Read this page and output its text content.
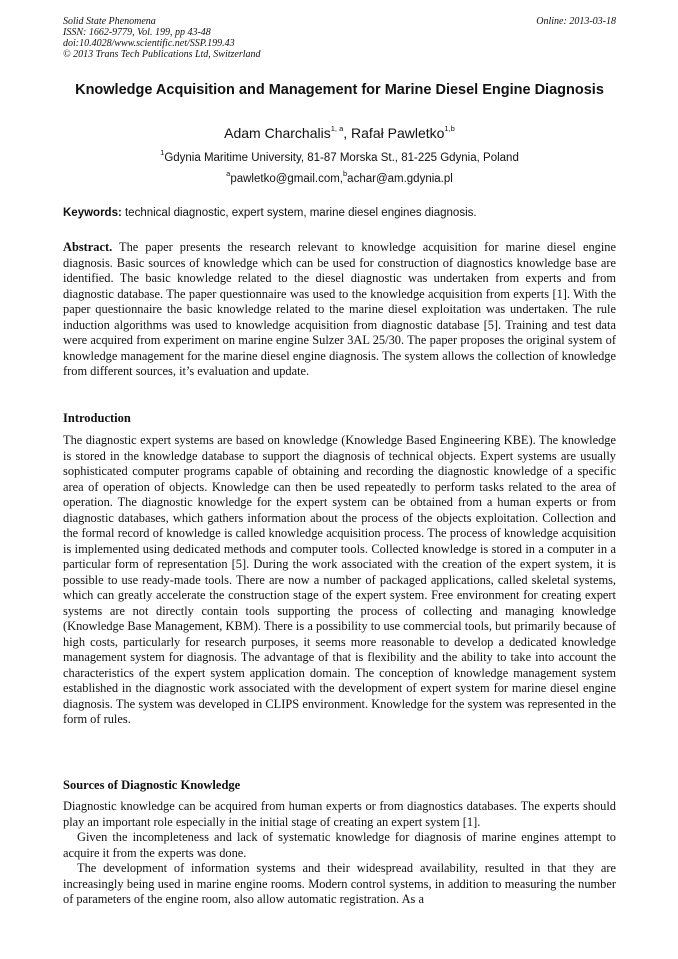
Solid State Phenomena
ISSN: 1662-9779, Vol. 199, pp 43-48
doi:10.4028/www.scientific.net/SSP.199.43
© 2013 Trans Tech Publications Ltd, Switzerland
Online: 2013-03-18
Knowledge Acquisition and Management for Marine Diesel Engine Diagnosis
Adam Charchalis$^{1, a}$, Rafał Pawletko$^{1,b}$
$^1$Gdynia Maritime University, 81-87 Morska St., 81-225 Gdynia, Poland
$^a$pawletko@gmail.com,$^b$achar@am.gdynia.pl
Keywords: technical diagnostic, expert system, marine diesel engines diagnosis.
Abstract. The paper presents the research relevant to knowledge acquisition for marine diesel engine diagnosis. Basic sources of knowledge which can be used for construction of diagnostics knowledge base are identified. The basic knowledge related to the diesel diagnostic was undertaken from experts and from diagnostic database. The paper questionnaire was used to the knowledge acquisition from experts [1]. With the paper questionnaire the basic knowledge related to the marine diesel exploitation was undertaken. The rule induction algorithms was used to knowledge acquisition from diagnostic database [5]. Training and test data were acquired from experiment on marine engine Sulzer 3AL 25/30. The paper proposes the original system of knowledge management for the marine diesel engine diagnosis. The system allows the collection of knowledge from different sources, it’s evaluation and update.
Introduction
The diagnostic expert systems are based on knowledge (Knowledge Based Engineering KBE). The knowledge is stored in the knowledge database to support the diagnosis of technical objects. Expert systems are usually sophisticated computer programs capable of obtaining and recording the diagnostic knowledge of a specific area of operation of objects. Knowledge can then be used repeatedly to perform tasks related to the area of operation. The diagnostic knowledge for the expert system can be obtained from a human experts or from diagnostic databases, which gathers information about the process of the objects exploitation. Collection and the formal record of knowledge is called knowledge acquisition process. The process of knowledge acquisition is implemented using dedicated methods and computer tools. Collected knowledge is stored in a computer in a particular form of representation [5]. During the work associated with the creation of the expert system, it is possible to use ready-made tools. There are now a number of packaged applications, called skeletal systems, which can greatly accelerate the construction stage of the expert system. Free environment for creating expert systems are not directly contain tools supporting the process of collecting and managing knowledge (Knowledge Base Management, KBM). There is a possibility to use commercial tools, but primarily because of high costs, particularly for research purposes, it seems more reasonable to develop a dedicated knowledge management system for diagnosis. The advantage of that is flexibility and the ability to take into account the characteristics of the expert system application domain. The conception of knowledge management system established in the diagnostic work associated with the development of expert system for marine diesel engine diagnosis. The system was developed in CLIPS environment. Knowledge for the system was represented in the form of rules.
Sources of Diagnostic Knowledge

Diagnostic knowledge can be acquired from human experts or from diagnostics databases. The experts should play an important role especially in the initial stage of creating an expert system [1].

Given the incompleteness and lack of systematic knowledge for diagnosis of marine engines attempt to acquire it from the experts was done.

The development of information systems and their widespread availability, resulted in that they are increasingly being used in marine engine rooms. Modern control systems, in addition to measuring the number of parameters of the engine room, also allow automatic registration. As a
